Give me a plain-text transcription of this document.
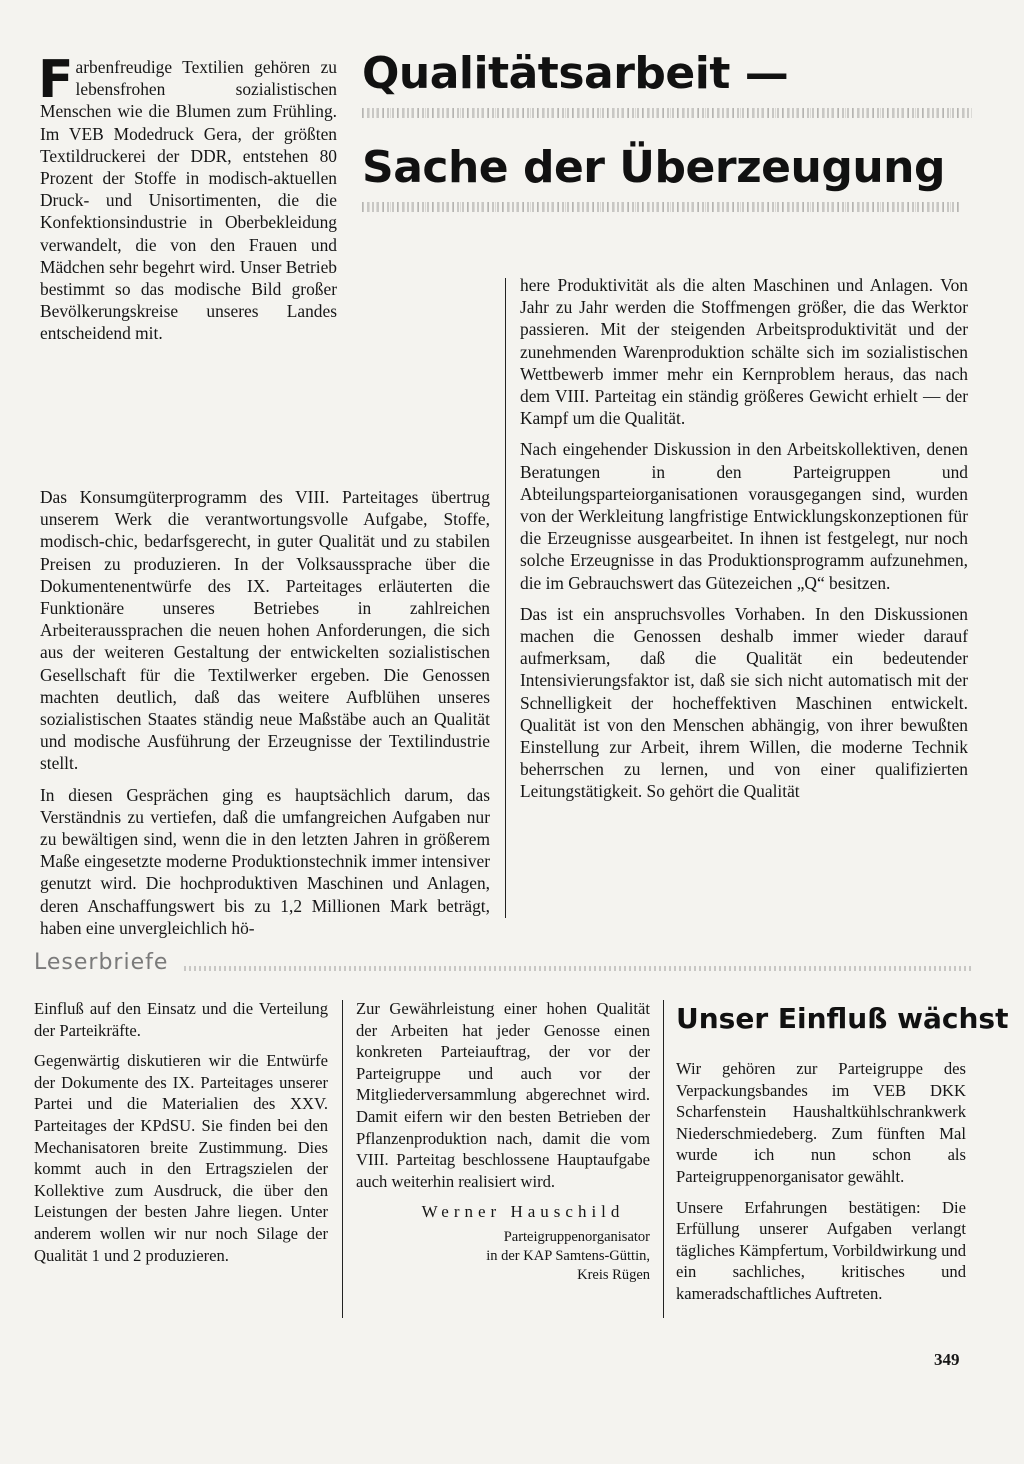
Qualitätsarbeit —
Sache der Überzeugung

Farbenfreudige Textilien gehören zu lebensfrohen sozialistischen Menschen wie die Blumen zum Frühling. Im VEB Modedruck Gera, der größten Textildruckerei der DDR, entstehen 80 Prozent der Stoffe in modisch-aktuellen Druck- und Unisortimenten, die die Konfektionsindustrie in Oberbekleidung verwandelt, die von den Frauen und Mädchen sehr begehrt wird. Unser Betrieb bestimmt so das modische Bild großer Bevölkerungskreise unseres Landes entscheidend mit.

Das Konsumgüterprogramm des VIII. Parteitages übertrug unserem Werk die verantwortungsvolle Aufgabe, Stoffe, modisch-chic, bedarfsgerecht, in guter Qualität und zu stabilen Preisen zu produzieren. In der Volksaussprache über die Dokumentenentwürfe des IX. Parteitages erläuterten die Funktionäre unseres Betriebes in zahlreichen Arbeiteraussprachen die neuen hohen Anforderungen, die sich aus der weiteren Gestaltung der entwickelten sozialistischen Gesellschaft für die Textilwerker ergeben. Die Genossen machten deutlich, daß das weitere Aufblühen unseres sozialistischen Staates ständig neue Maßstäbe auch an Qualität und modische Ausführung der Erzeugnisse der Textilindustrie stellt.

In diesen Gesprächen ging es hauptsächlich darum, das Verständnis zu vertiefen, daß die umfangreichen Aufgaben nur zu bewältigen sind, wenn die in den letzten Jahren in größerem Maße eingesetzte moderne Produktionstechnik immer intensiver genutzt wird. Die hochproduktiven Maschinen und Anlagen, deren Anschaffungswert bis zu 1,2 Millionen Mark beträgt, haben eine unvergleichlich hö-

here Produktivität als die alten Maschinen und Anlagen. Von Jahr zu Jahr werden die Stoffmengen größer, die das Werktor passieren. Mit der steigenden Arbeitsproduktivität und der zunehmenden Warenproduktion schälte sich im sozialistischen Wettbewerb immer mehr ein Kernproblem heraus, das nach dem VIII. Parteitag ein ständig größeres Gewicht erhielt — der Kampf um die Qualität.

Nach eingehender Diskussion in den Arbeitskollektiven, denen Beratungen in den Parteigruppen und Abteilungsparteiorganisationen vorausgegangen sind, wurden von der Werkleitung langfristige Entwicklungskonzeptionen für die Erzeugnisse ausgearbeitet. In ihnen ist festgelegt, nur noch solche Erzeugnisse in das Produktionsprogramm aufzunehmen, die im Gebrauchswert das Gütezeichen „Q“ besitzen.

Das ist ein anspruchsvolles Vorhaben. In den Diskussionen machen die Genossen deshalb immer wieder darauf aufmerksam, daß die Qualität ein bedeutender Intensivierungsfaktor ist, daß sie sich nicht automatisch mit der Schnelligkeit der hocheffektiven Maschinen entwickelt. Qualität ist von den Menschen abhängig, von ihrer bewußten Einstellung zur Arbeit, ihrem Willen, die moderne Technik beherrschen zu lernen, und von einer qualifizierten Leitungstätigkeit. So gehört die Qualität

Leserbriefe

Einfluß auf den Einsatz und die Verteilung der Parteikräfte.

Gegenwärtig diskutieren wir die Entwürfe der Dokumente des IX. Parteitages unserer Partei und die Materialien des XXV. Parteitages der KPdSU. Sie finden bei den Mechanisatoren breite Zustimmung. Dies kommt auch in den Ertragszielen der Kollektive zum Ausdruck, die über den Leistungen der besten Jahre liegen. Unter anderem wollen wir nur noch Silage der Qualität 1 und 2 produzieren.

Zur Gewährleistung einer hohen Qualität der Arbeiten hat jeder Genosse einen konkreten Parteiauftrag, der vor der Parteigruppe und auch vor der Mitgliederversammlung abgerechnet wird. Damit eifern wir den besten Betrieben der Pflanzenproduktion nach, damit die vom VIII. Parteitag beschlossene Hauptaufgabe auch weiterhin realisiert wird.

Werner Hauschild

Parteigruppenorganisator

in der KAP Samtens-Güttin,

Kreis Rügen

Unser Einfluß wächst

Wir gehören zur Parteigruppe des Verpackungsbandes im VEB DKK Scharfenstein Haushaltkühlschrankwerk Niederschmiedeberg. Zum fünften Mal wurde ich nun schon als Parteigruppenorganisator gewählt.

Unsere Erfahrungen bestätigen: Die Erfüllung unserer Aufgaben verlangt tägliches Kämpfertum, Vorbildwirkung und ein sachliches, kritisches und kameradschaftliches Auftreten.

349
